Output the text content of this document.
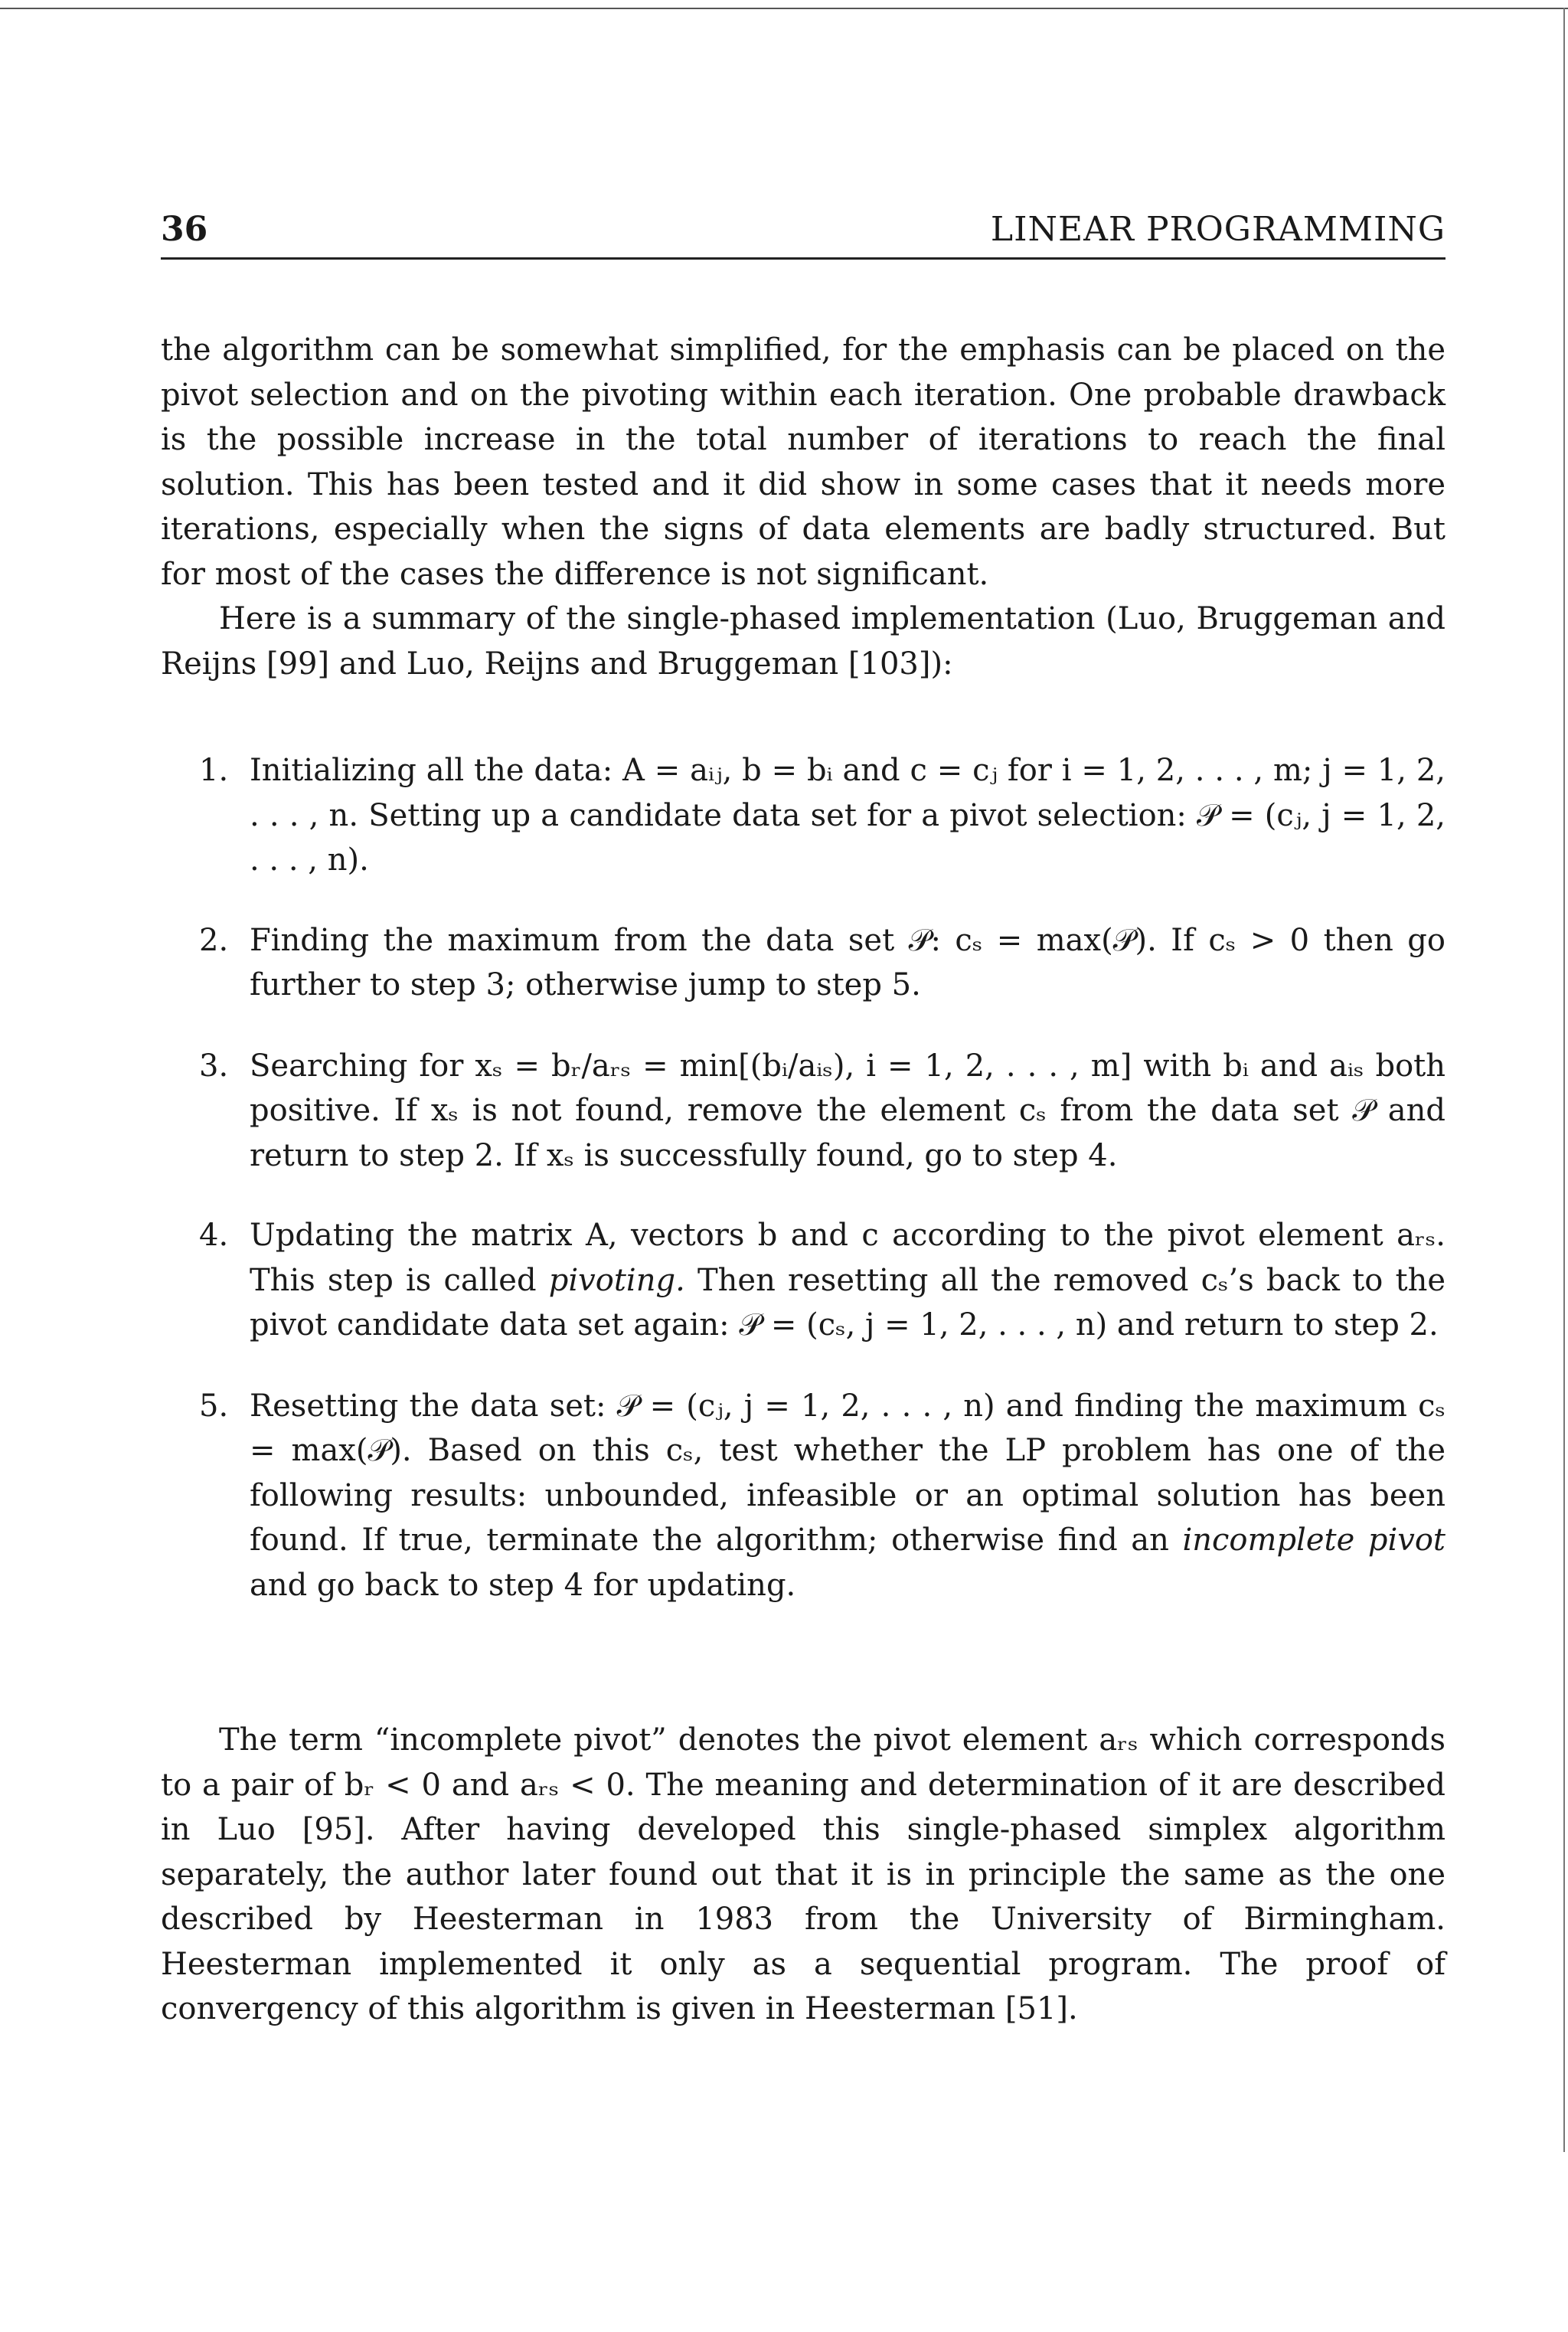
36	LINEAR PROGRAMMING

the algorithm can be somewhat simplified, for the emphasis can be placed on the pivot selection and on the pivoting within each iteration. One probable drawback is the possible increase in the total number of iterations to reach the final solution. This has been tested and it did show in some cases that it needs more iterations, especially when the signs of data elements are badly structured. But for most of the cases the difference is not significant.

Here is a summary of the single-phased implementation (Luo, Bruggeman and Reijns [99] and Luo, Reijns and Bruggeman [103]):

1. Initializing all the data: A = aᵢⱼ, b = bᵢ and c = cⱼ for i = 1, 2, . . . , m; j = 1, 2, . . . , n. Setting up a candidate data set for a pivot selection: 𝒫 = (cⱼ, j = 1, 2, . . . , n).
2. Finding the maximum from the data set 𝒫: cₛ = max(𝒫). If cₛ > 0 then go further to step 3; otherwise jump to step 5.
3. Searching for xₛ = bᵣ/aᵣₛ = min[(bᵢ/aᵢₛ), i = 1, 2, . . . , m] with bᵢ and aᵢₛ both positive. If xₛ is not found, remove the element cₛ from the data set 𝒫 and return to step 2. If xₛ is successfully found, go to step 4.
4. Updating the matrix A, vectors b and c according to the pivot element aᵣₛ. This step is called pivoting. Then resetting all the removed cₛ’s back to the pivot candidate data set again: 𝒫 = (cₛ, j = 1, 2, . . . , n) and return to step 2.
5. Resetting the data set: 𝒫 = (cⱼ, j = 1, 2, . . . , n) and finding the maximum cₛ = max(𝒫). Based on this cₛ, test whether the LP problem has one of the following results: unbounded, infeasible or an optimal solution has been found. If true, terminate the algorithm; otherwise find an incomplete pivot and go back to step 4 for updating.

The term “incomplete pivot” denotes the pivot element aᵣₛ which corresponds to a pair of bᵣ < 0 and aᵣₛ < 0. The meaning and determination of it are described in Luo [95]. After having developed this single-phased simplex algorithm separately, the author later found out that it is in principle the same as the one described by Heesterman in 1983 from the University of Birmingham. Heesterman implemented it only as a sequential program. The proof of convergency of this algorithm is given in Heesterman [51].
